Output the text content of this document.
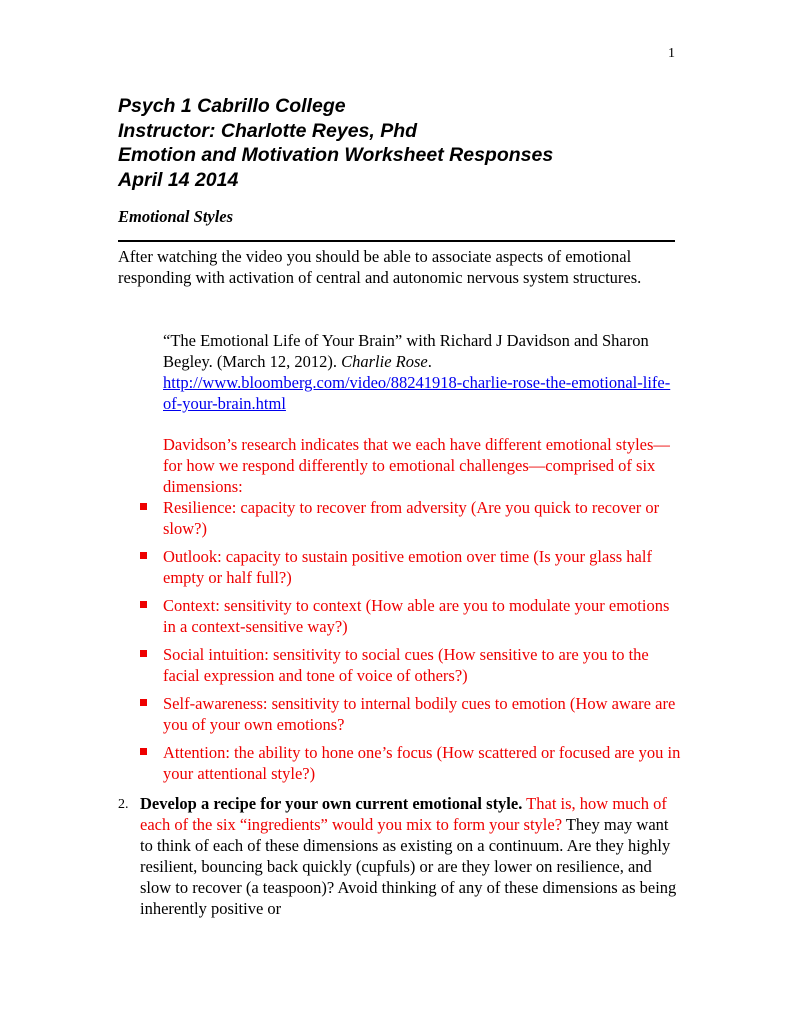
1
Psych 1 Cabrillo College
Instructor: Charlotte Reyes, Phd
Emotion and Motivation Worksheet Responses
April 14 2014
Emotional Styles

After watching the video you should be able to associate aspects of emotional responding with activation of central and autonomic nervous system structures.

“The Emotional Life of Your Brain” with Richard J Davidson and Sharon Begley. (March 12, 2012). Charlie Rose.
http://www.bloomberg.com/video/88241918-charlie-rose-the-emotional-life-of-your-brain.html

Davidson’s research indicates that we each have different emotional styles—for how we respond differently to emotional challenges—comprised of six dimensions:

Resilience: capacity to recover from adversity (Are you quick to recover or slow?)
Outlook: capacity to sustain positive emotion over time (Is your glass half empty or half full?)
Context: sensitivity to context (How able are you to modulate your emotions in a context-sensitive way?)
Social intuition: sensitivity to social cues (How sensitive to are you to the facial expression and tone of voice of others?)
Self-awareness: sensitivity to internal bodily cues to emotion (How aware are you of your own emotions?
Attention: the ability to hone one’s focus (How scattered or focused are you in your attentional style?)
2. Develop a recipe for your own current emotional style. That is, how much of each of the six “ingredients” would you mix to form your style? They may want to think of each of these dimensions as existing on a continuum. Are they highly resilient, bouncing back quickly (cupfuls) or are they lower on resilience, and slow to recover (a teaspoon)? Avoid thinking of any of these dimensions as being inherently positive or
